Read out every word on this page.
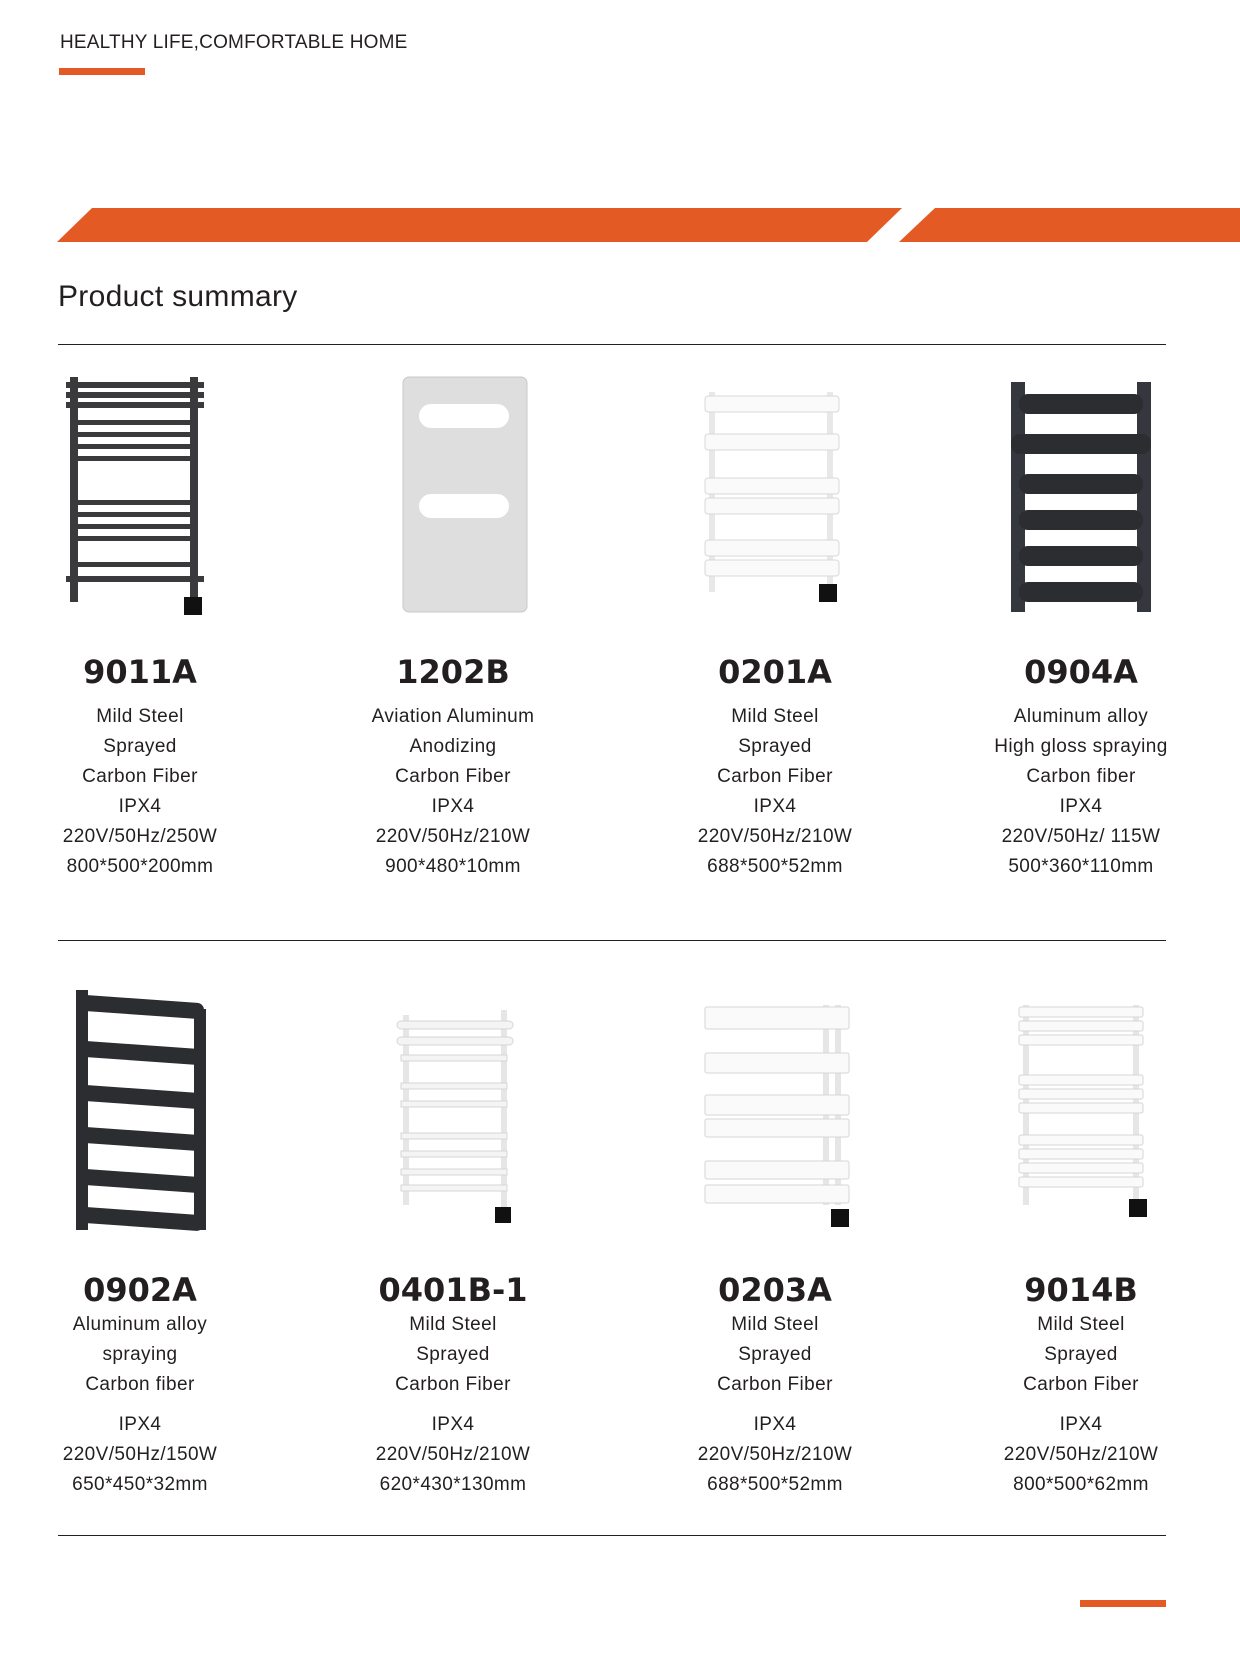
HEALTHY LIFE,COMFORTABLE HOME
Product summary
9011A
Mild Steel
Sprayed
Carbon Fiber
IPX4
220V/50Hz/250W
800*500*200mm
1202B
Aviation Aluminum
Anodizing
Carbon Fiber
IPX4
220V/50Hz/210W
900*480*10mm
0201A
Mild Steel
Sprayed
Carbon Fiber
IPX4
220V/50Hz/210W
688*500*52mm
0904A
Aluminum alloy
High gloss spraying
Carbon fiber
IPX4
220V/50Hz/ 115W
500*360*110mm
0902A
Aluminum alloy
spraying
Carbon fiber
IPX4
220V/50Hz/150W
650*450*32mm
0401B-1
Mild Steel
Sprayed
Carbon Fiber
IPX4
220V/50Hz/210W
620*430*130mm
0203A
Mild Steel
Sprayed
Carbon Fiber
IPX4
220V/50Hz/210W
688*500*52mm
9014B
Mild Steel
Sprayed
Carbon Fiber
IPX4
220V/50Hz/210W
800*500*62mm
